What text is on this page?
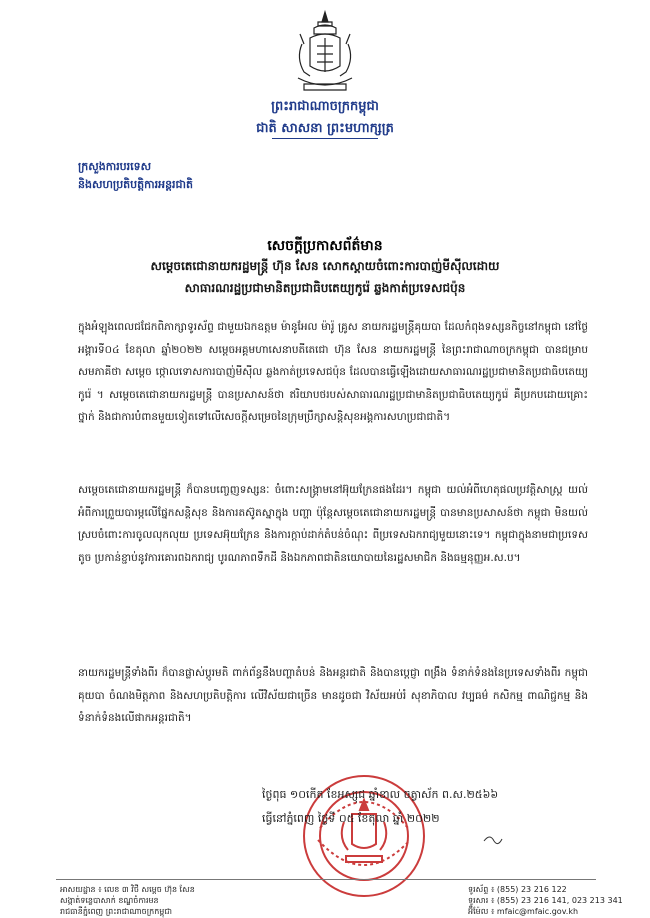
ព្រះរាជាណាចក្រកម្ពុជា
ជាតិ សាសនា ព្រះមហាក្សត្រ
ក្រសួងការបរទេស
និងសហប្រតិបត្តិការអន្តរជាតិ
សេចក្តីប្រកាសព័ត៌មាន
សម្តេចតេជោនាយករដ្ឋមន្ត្រី ហ៊ុន សែន សោកស្តាយចំពោះការបាញ់មីស៊ីលដោយ
សាធារណរដ្ឋប្រជាមានិតប្រជាធិបតេយ្យកូរ៉េ ឆ្លងកាត់ប្រទេសជប៉ុន
ក្នុងអំឡុងពេលជជែកពិភាក្សាទូរស័ព្ទ ជាមួយឯកឧត្តម ម៉ានូអែល ម៉ារ៉ូ គ្រូស នាយករដ្ឋមន្ត្រីគុយបា ដែលកំពុងទស្សនកិច្ចនៅកម្ពុជា នៅថ្ងៃអង្គារទី០៤ ខែតុលា ឆ្នាំ២០២២ សម្តេចអគ្គមហាសេនាបតីតេជោ ហ៊ុន សែន នាយករដ្ឋមន្ត្រី នៃព្រះរាជាណាចក្រកម្ពុជា បានជម្រាបសមភាគីថា សម្តេច ថ្កោលទោសការបាញ់មីស៊ីល ឆ្លងកាត់ប្រទេសជប៉ុន ដែលបានធ្វើឡើងដោយសាធារណរដ្ឋប្រជាមានិតប្រជាធិបតេយ្យកូរ៉េ ។ សម្តេចតេជោនាយករដ្ឋមន្ត្រី បានប្រសាសន៍ថា ឥរិយាបថរបស់សាធារណរដ្ឋប្រជាមានិតប្រជាធិបតេយ្យកូរ៉េ គឺប្រកបដោយគ្រោះថ្នាក់ និងជាការបំពានមួយទៀតទៅលើសេចក្តីសម្រេចនៃក្រុមប្រឹក្សាសន្តិសុខអង្គការសហប្រជាជាតិ។
សម្តេចតេជោនាយករដ្ឋមន្ត្រី ក៏បានបញ្ចេញទស្សនៈ ចំពោះសង្គ្រាមនៅអ៊ុយក្រែនផងដែរ។ កម្ពុជា យល់អំពីហេតុផលប្រវត្តិសាស្ត្រ យល់អំពីការព្រួយបារម្ភលើផ្នែកសន្តិសុខ និងការតស៊ូតស្នាក្នុង បញ្ហា ប៉ុន្តែសម្តេចតេជោនាយករដ្ឋមន្ត្រី បានមានប្រសាសន៍ថា កម្ពុជា មិនយល់ស្របចំពោះការចូលលុកលុយ ប្រទេសអ៊ុយក្រែន និងការក្តាប់ដាក់តំបន់ចំណុះ ពីប្រទេសឯករាជ្យមួយនោះទេ។ កម្ពុជាក្នុងនាមជាប្រទេសតូច ប្រកាន់ខ្ជាប់នូវការគោរពឯករាជ្យ បូរណភាពទឹកដី និងឯកភាពជាតិនយោបាយនៃរដ្ឋសមាជិក និងធម្មនុញ្ញអ.ស.ប។
នាយករដ្ឋមន្ត្រីទាំងពីរ ក៏បានផ្លាស់ប្តូរមតិ ពាក់ព័ន្ធនឹងបញ្ហាតំបន់ និងអន្តរជាតិ និងបានប្តេជ្ញា ពង្រឹង ទំនាក់ទំនងនៃប្រទេសទាំងពីរ កម្ពុជា គុយបា ចំណងមិត្តភាព និងសហប្រតិបត្តិការ លើវិស័យជាច្រើន មានដូចជា វិស័យអប់រំ សុខាភិបាល វប្បធម៌ កសិកម្ម ពាណិជ្ជកម្ម និងទំនាក់ទំនងលើផាកអន្តរជាតិ។
ថ្ងៃពុធ ១០កើត ខែអស្សុជ ឆ្នាំខាល ចត្វាស័ក ព.ស.២៥៦៦
ធ្វើនៅភ្នំពេញ ថ្ងៃទី ០៥ ខែតុលា ឆ្នាំ ២០២២
អាសយដ្ឋាន ៖ លេខ ៣ វិថី សម្តេច ហ៊ុន សែន
សង្កាត់ទន្លេបាសាក់ ខណ្ឌចំការមន
រាជធានីភ្នំពេញ ព្រះរាជាណាចក្រកម្ពុជា
ទូរស័ព្ទ ៖ (855) 23 216 122
ទូរសារ ៖ (855) 23 216 141, 023 213 341
អ៊ីម៉ែល ៖ mfaic@mfaic.gov.kh
